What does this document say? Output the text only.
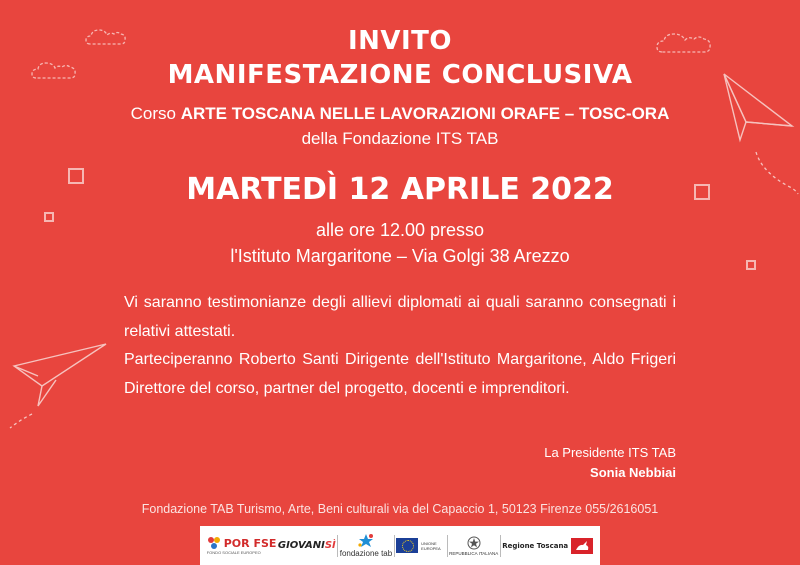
INVITO
MANIFESTAZIONE CONCLUSIVA
Corso ARTE TOSCANA NELLE LAVORAZIONI ORAFE – TOSC-ORA
della Fondazione ITS TAB
MARTEDÌ 12 APRILE 2022
alle ore 12.00 presso
l'Istituto Margaritone – Via Golgi 38 Arezzo

Vi saranno testimonianze degli allievi diplomati ai quali saranno consegnati i relativi attestati.

Parteciperanno Roberto Santi Dirigente dell'Istituto Margaritone, Aldo Frigeri Direttore del corso, partner del progetto, docenti e imprenditori.

La Presidente ITS TAB
Sonia Nebbiai
Fondazione TAB Turismo, Arte, Beni culturali via del Capaccio 1, 50123 Firenze 055/2616051
POR FSE
FONDO SOCIALE EUROPEO
GIOVANISÌ
fondazione tab
UNIONE EUROPEA
REPUBBLICA ITALIANA
Regione Toscana
